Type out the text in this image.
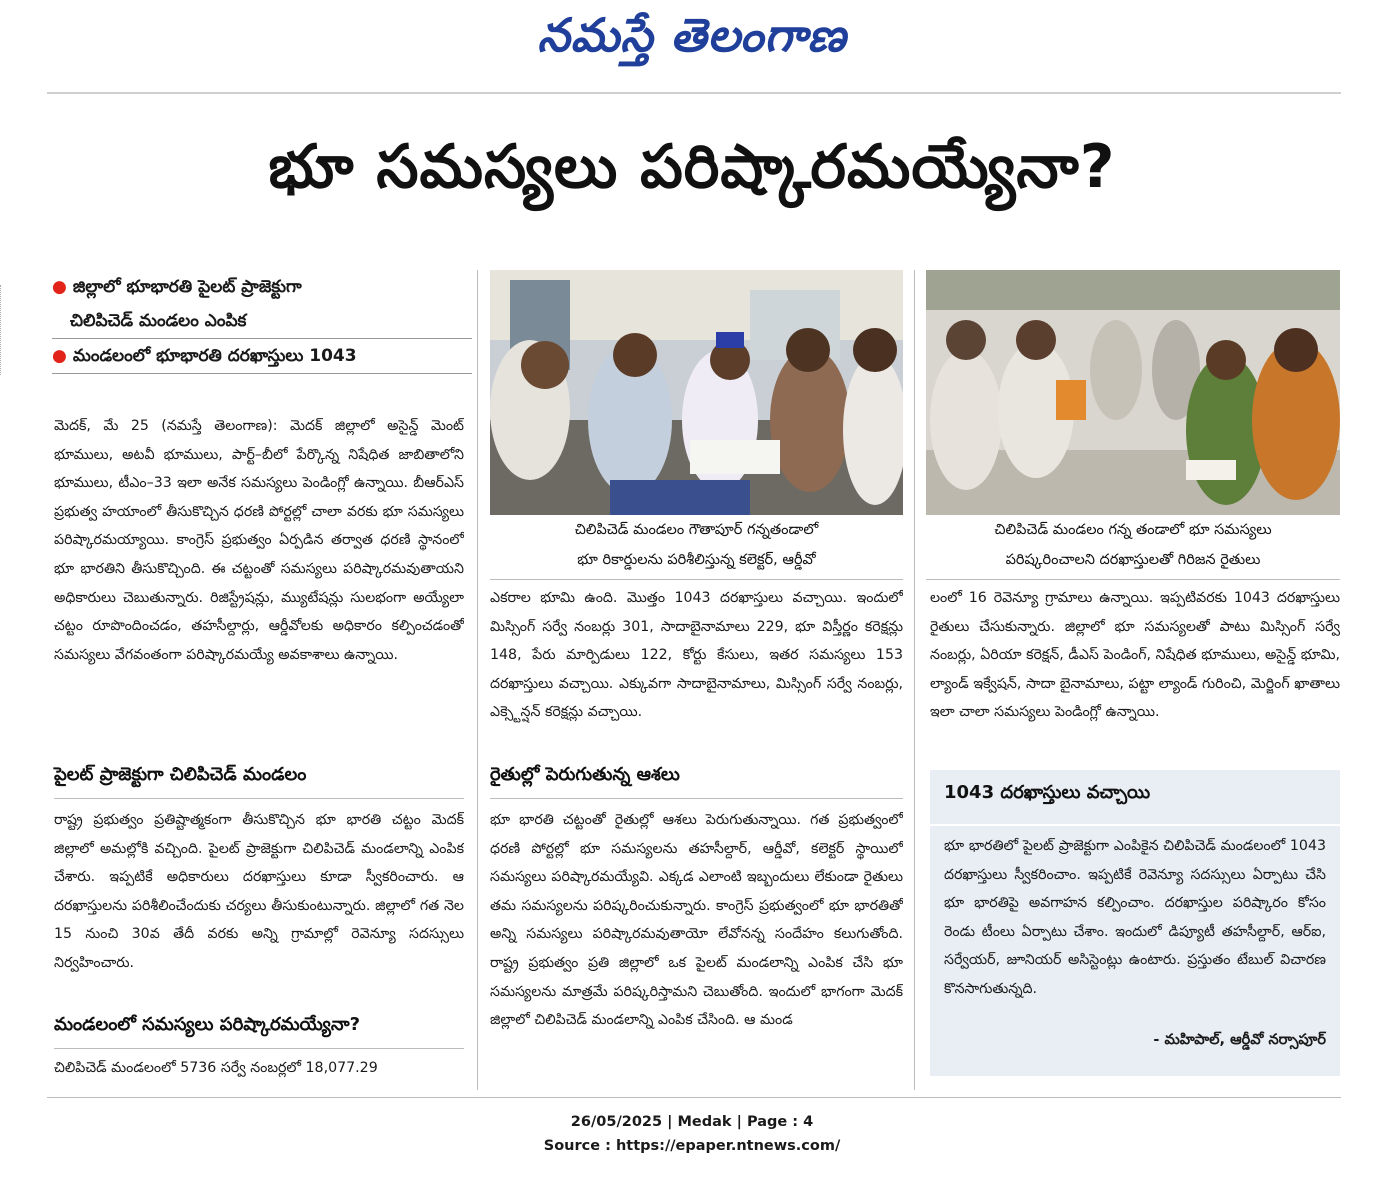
నమస్తే తెలంగాణ
భూ సమస్యలు పరిష్కారమయ్యేనా?
● జిల్లాలో భూభారతి పైలట్ ప్రాజెక్టుగా
చిలిపిచెడ్ మండలం ఎంపిక
● మండలంలో భూభారతి దరఖాస్తులు 1043
మెదక్, మే 25 (నమస్తే తెలంగాణ): మెదక్ జిల్లాలో అసైన్డ్ మెంట్ భూములు, అటవీ భూములు, పార్ట్–బీలో పేర్కొన్న నిషేధిత జాబితాలోని భూములు, టీఎం–33 ఇలా అనేక సమస్యలు పెండింగ్లో ఉన్నాయి. బీఆర్ఎస్ ప్రభుత్వ హయాంలో తీసుకొచ్చిన ధరణి పోర్టల్లో చాలా వరకు భూ సమస్యలు పరిష్కారమయ్యాయి. కాంగ్రెస్ ప్రభుత్వం ఏర్పడిన తర్వాత ధరణి స్థానంలో భూ భారతిని తీసుకొచ్చింది. ఈ చట్టంతో సమస్యలు పరిష్కారమవుతాయని అధికారులు చెబుతున్నారు. రిజిస్ట్రేషన్లు, మ్యుటేషన్లు సులభంగా అయ్యేలా చట్టం రూపొందించడం, తహసీల్దార్లు, ఆర్డీవోలకు అధికారం కల్పించడంతో సమస్యలు వేగవంతంగా పరిష్కారమయ్యే అవకాశాలు ఉన్నాయి.
పైలట్ ప్రాజెక్టుగా చిలిపిచెడ్ మండలం
రాష్ట్ర ప్రభుత్వం ప్రతిష్టాత్మకంగా తీసుకొచ్చిన భూ భారతి చట్టం మెదక్ జిల్లాలో అమల్లోకి వచ్చింది. పైలట్ ప్రాజెక్టుగా చిలిపిచెడ్ మండలాన్ని ఎంపిక చేశారు. ఇప్పటికే అధికారులు దరఖాస్తులు కూడా స్వీకరించారు. ఆ దరఖాస్తులను పరిశీలించేందుకు చర్యలు తీసుకుంటున్నారు. జిల్లాలో గత నెల 15 నుంచి 30వ తేదీ వరకు అన్ని గ్రామాల్లో రెవెన్యూ సదస్సులు నిర్వహించారు.
మండలంలో సమస్యలు పరిష్కారమయ్యేనా?
చిలిపిచెడ్ మండలంలో 5736 సర్వే నంబర్లలో 18,077.29
చిలిపిచెడ్ మండలం గౌతాపూర్ గన్నతండాలో
భూ రికార్డులను పరిశీలిస్తున్న కలెక్టర్, ఆర్డీవో
చిలిపిచెడ్ మండలం గన్న తండాలో భూ సమస్యలు
పరిష్కరించాలని దరఖాస్తులతో గిరిజన రైతులు
ఎకరాల భూమి ఉంది. మొత్తం 1043 దరఖాస్తులు వచ్చాయి. ఇందులో మిస్సింగ్ సర్వే నంబర్లు 301, సాదాబైనామాలు 229, భూ విస్తీర్ణం కరెక్షన్లు 148, పేరు మార్పిడులు 122, కోర్టు కేసులు, ఇతర సమస్యలు 153 దరఖాస్తులు వచ్చాయి. ఎక్కువగా సాదాబైనామాలు, మిస్సింగ్ సర్వే నంబర్లు, ఎక్స్టెన్షన్ కరెక్షన్లు వచ్చాయి.
రైతుల్లో పెరుగుతున్న ఆశలు
భూ భారతి చట్టంతో రైతుల్లో ఆశలు పెరుగుతున్నాయి. గత ప్రభుత్వంలో ధరణి పోర్టల్లో భూ సమస్యలను తహసీల్దార్, ఆర్డీవో, కలెక్టర్ స్థాయిలో సమస్యలు పరిష్కారమయ్యేవి. ఎక్కడ ఎలాంటి ఇబ్బందులు లేకుండా రైతులు తమ సమస్యలను పరిష్కరించుకున్నారు. కాంగ్రెస్ ప్రభుత్వంలో భూ భారతితో అన్ని సమస్యలు పరిష్కారమవుతాయో లేవోనన్న సందేహం కలుగుతోంది. రాష్ట్ర ప్రభుత్వం ప్రతి జిల్లాలో ఒక పైలట్ మండలాన్ని ఎంపిక చేసి భూ సమస్యలను మాత్రమే పరిష్కరిస్తామని చెబుతోంది. ఇందులో భాగంగా మెదక్ జిల్లాలో చిలిపిచెడ్ మండలాన్ని ఎంపిక చేసింది. ఆ మండ
లంలో 16 రెవెన్యూ గ్రామాలు ఉన్నాయి. ఇప్పటివరకు 1043 దరఖాస్తులు రైతులు చేసుకున్నారు. జిల్లాలో భూ సమస్యలతో పాటు మిస్సింగ్ సర్వే నంబర్లు, ఏరియా కరెక్షన్, డీఎస్ పెండింగ్, నిషేధిత భూములు, అసైన్డ్ భూమి, ల్యాండ్ ఇక్వేషన్, సాదా బైనామాలు, పట్టా ల్యాండ్ గురించి, మెర్జింగ్ ఖాతాలు ఇలా చాలా సమస్యలు పెండింగ్లో ఉన్నాయి.
1043 దరఖాస్తులు వచ్చాయి
భూ భారతిలో పైలట్ ప్రాజెక్టుగా ఎంపికైన చిలిపిచెడ్ మండలంలో 1043 దరఖాస్తులు స్వీకరించాం. ఇప్పటికే రెవెన్యూ సదస్సులు ఏర్పాటు చేసి భూ భారతిపై అవగాహన కల్పించాం. దరఖాస్తుల పరిష్కారం కోసం రెండు టీంలు ఏర్పాటు చేశాం. ఇందులో డిప్యూటీ తహసీల్దార్, ఆర్ఐ, సర్వేయర్, జూనియర్ అసిస్టెంట్లు ఉంటారు. ప్రస్తుతం టేబుల్ విచారణ కొనసాగుతున్నది.
- మహిపాల్, ఆర్డీవో నర్సాపూర్
26/05/2025 | Medak | Page : 4
Source : https://epaper.ntnews.com/
